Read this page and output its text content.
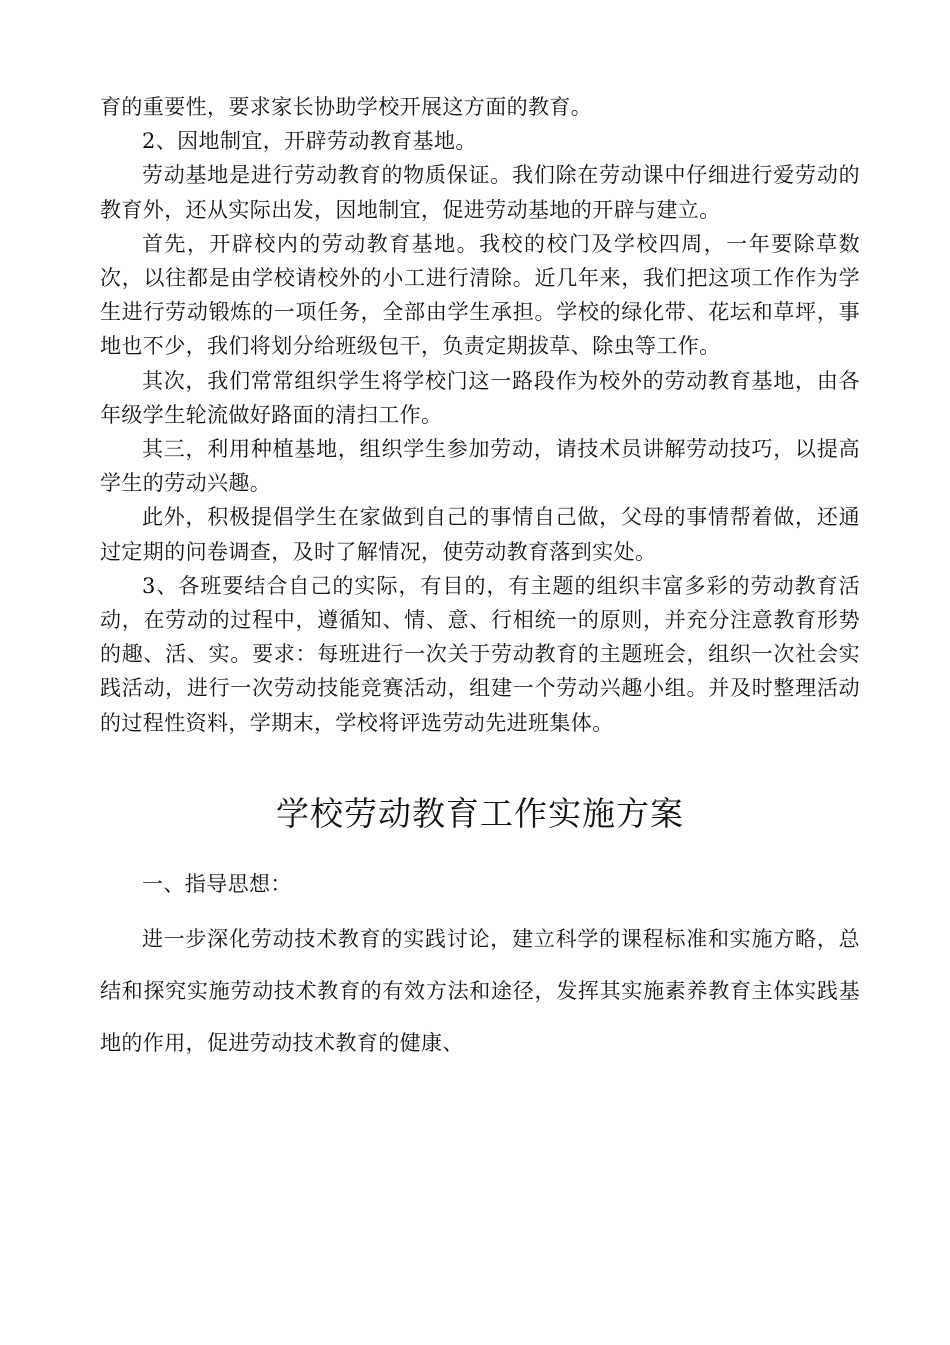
育的重要性，要求家长协助学校开展这方面的教育。

2、因地制宜，开辟劳动教育基地。

劳动基地是进行劳动教育的物质保证。我们除在劳动课中仔细进行爱劳动的教育外，还从实际出发，因地制宜，促进劳动基地的开辟与建立。

首先，开辟校内的劳动教育基地。我校的校门及学校四周，一年要除草数次，以往都是由学校请校外的小工进行清除。近几年来，我们把这项工作作为学生进行劳动锻炼的一项任务，全部由学生承担。学校的绿化带、花坛和草坪，事地也不少，我们将划分给班级包干，负责定期拔草、除虫等工作。

其次，我们常常组织学生将学校门这一路段作为校外的劳动教育基地，由各年级学生轮流做好路面的清扫工作。

其三，利用种植基地，组织学生参加劳动，请技术员讲解劳动技巧，以提高学生的劳动兴趣。

此外，积极提倡学生在家做到自己的事情自己做，父母的事情帮着做，还通过定期的问卷调查，及时了解情况，使劳动教育落到实处。

3、各班要结合自己的实际，有目的，有主题的组织丰富多彩的劳动教育活动，在劳动的过程中，遵循知、情、意、行相统一的原则，并充分注意教育形势的趣、活、实。要求：每班进行一次关于劳动教育的主题班会，组织一次社会实践活动，进行一次劳动技能竞赛活动，组建一个劳动兴趣小组。并及时整理活动的过程性资料，学期末，学校将评选劳动先进班集体。

学校劳动教育工作实施方案

一、指导思想：

进一步深化劳动技术教育的实践讨论，建立科学的课程标准和实施方略，总结和探究实施劳动技术教育的有效方法和途径，发挥其实施素养教育主体实践基地的作用，促进劳动技术教育的健康、
